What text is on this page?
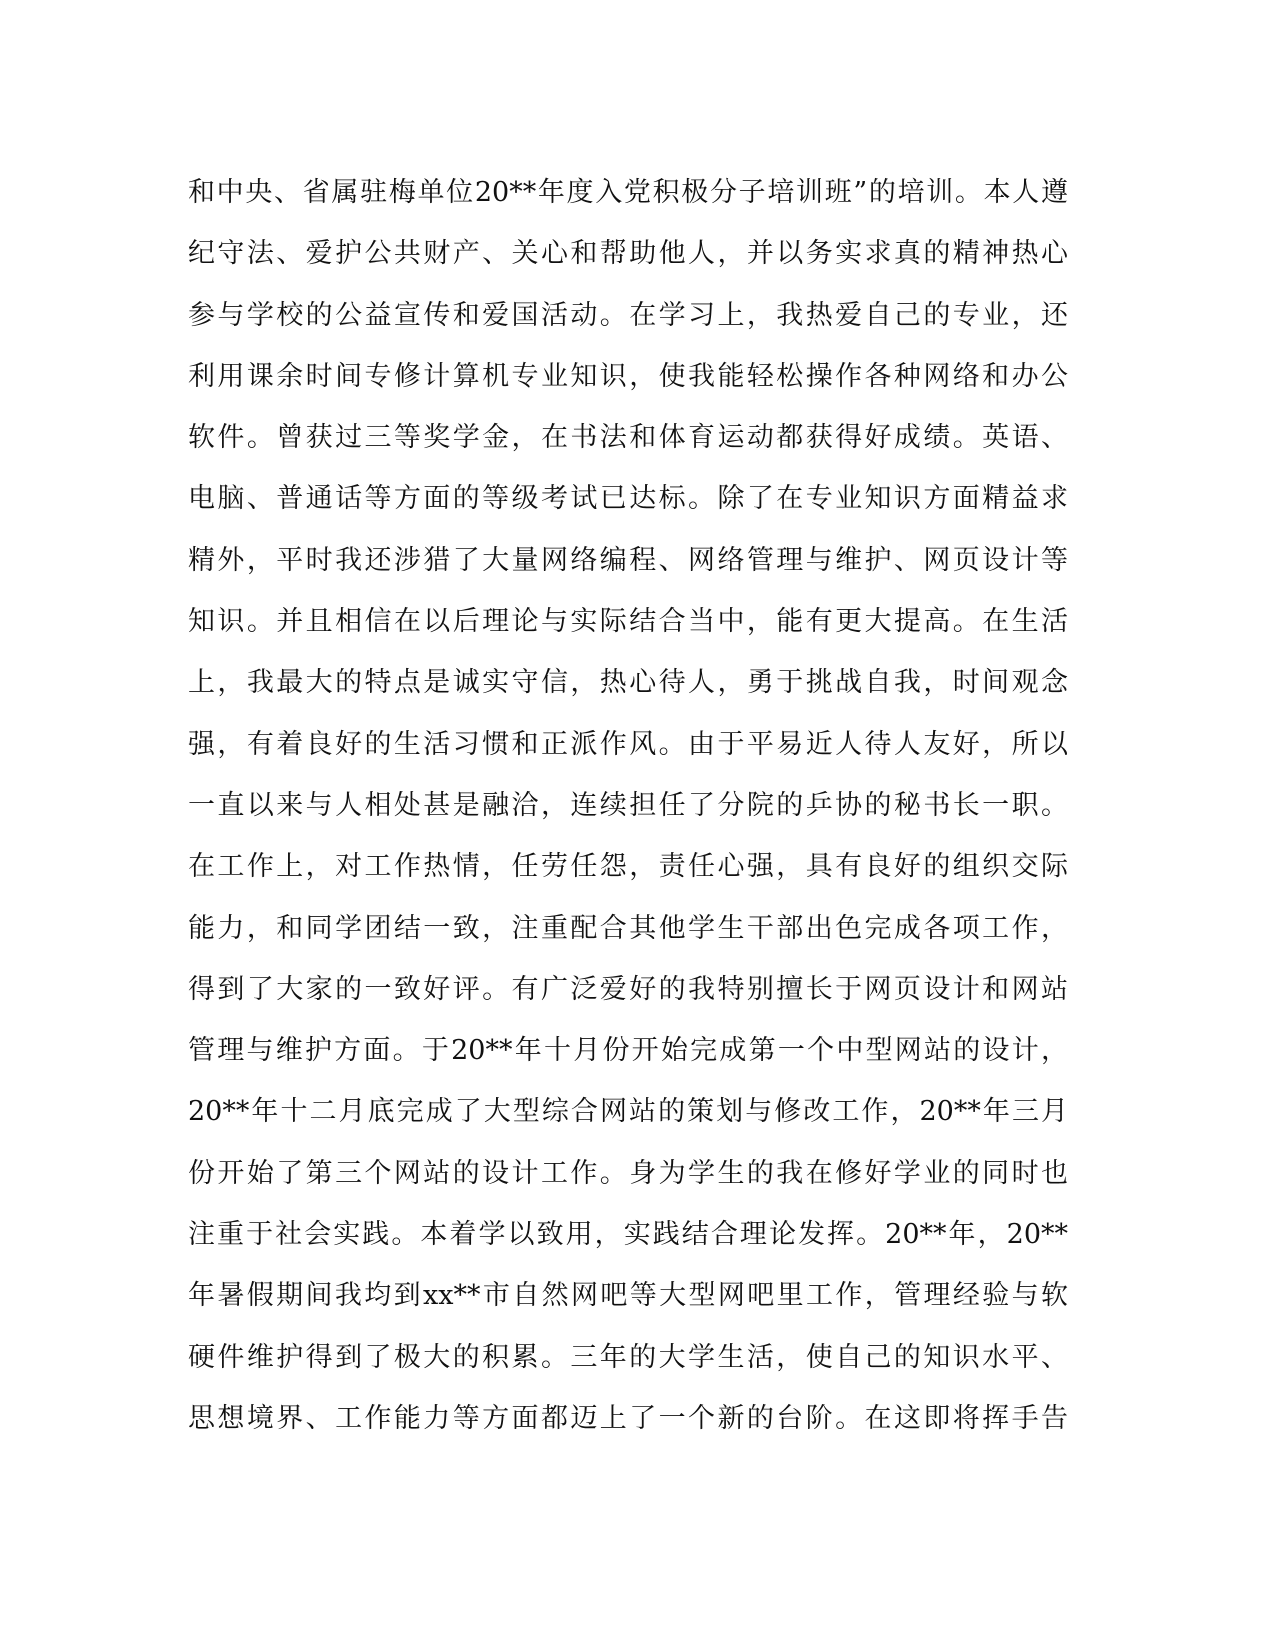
和中央、省属驻梅单位20**年度入党积极分子培训班”的培训。本人遵
纪守法、爱护公共财产、关心和帮助他人，并以务实求真的精神热心
参与学校的公益宣传和爱国活动。在学习上，我热爱自己的专业，还
利用课余时间专修计算机专业知识，使我能轻松操作各种网络和办公
软件。曾获过三等奖学金，在书法和体育运动都获得好成绩。英语、
电脑、普通话等方面的等级考试已达标。除了在专业知识方面精益求
精外，平时我还涉猎了大量网络编程、网络管理与维护、网页设计等
知识。并且相信在以后理论与实际结合当中，能有更大提高。在生活
上，我最大的特点是诚实守信，热心待人，勇于挑战自我，时间观念
强，有着良好的生活习惯和正派作风。由于平易近人待人友好，所以
一直以来与人相处甚是融洽，连续担任了分院的乒协的秘书长一职。
在工作上，对工作热情，任劳任怨，责任心强，具有良好的组织交际
能力，和同学团结一致，注重配合其他学生干部出色完成各项工作，
得到了大家的一致好评。有广泛爱好的我特别擅长于网页设计和网站
管理与维护方面。于20**年十月份开始完成第一个中型网站的设计，
20**年十二月底完成了大型综合网站的策划与修改工作，20**年三月
份开始了第三个网站的设计工作。身为学生的我在修好学业的同时也
注重于社会实践。本着学以致用，实践结合理论发挥。20**年，20**
年暑假期间我均到xx**市自然网吧等大型网吧里工作，管理经验与软
硬件维护得到了极大的积累。三年的大学生活，使自己的知识水平、
思想境界、工作能力等方面都迈上了一个新的台阶。在这即将挥手告
